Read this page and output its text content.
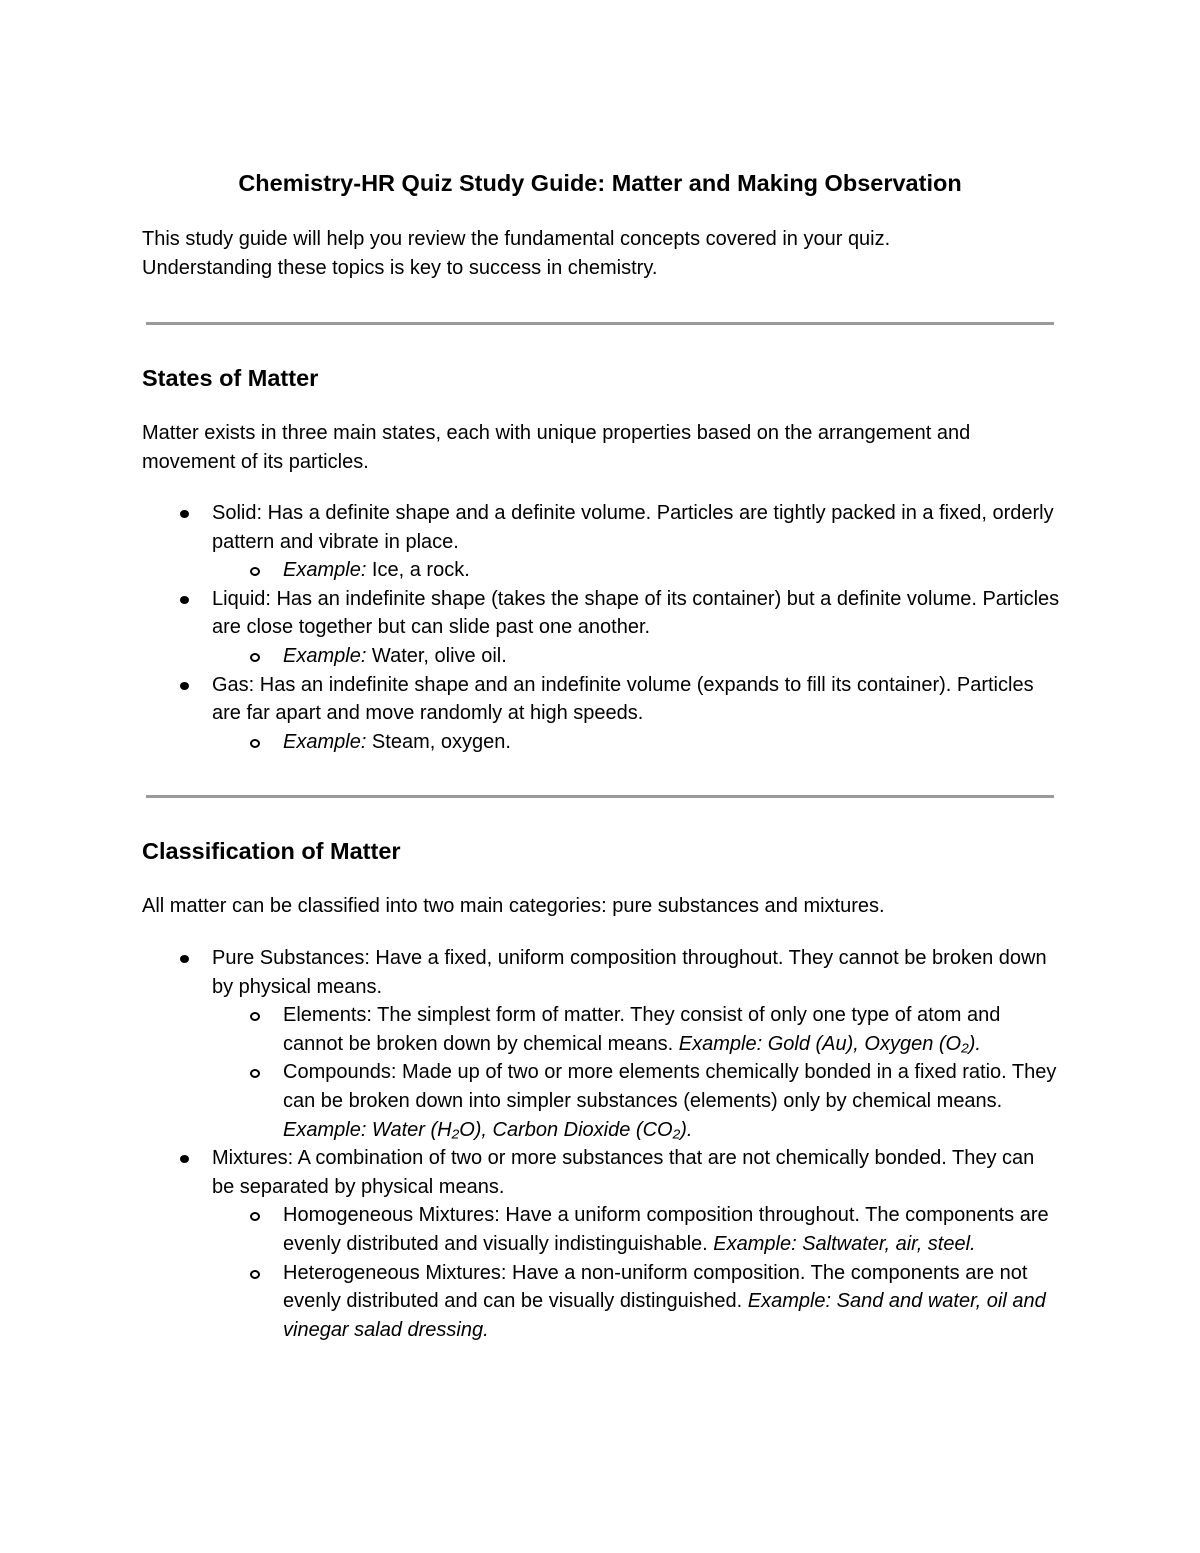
Chemistry-HR Quiz Study Guide: Matter and Making Observation

This study guide will help you review the fundamental concepts covered in your quiz.

Understanding these topics is key to success in chemistry.

States of Matter

Matter exists in three main states, each with unique properties based on the arrangement and movement of its particles.

Solid: Has a definite shape and a definite volume. Particles are tightly packed in a fixed, orderly pattern and vibrate in place.
Example: Ice, a rock.
Liquid: Has an indefinite shape (takes the shape of its container) but a definite volume. Particles are close together but can slide past one another.
Example: Water, olive oil.
Gas: Has an indefinite shape and an indefinite volume (expands to fill its container). Particles are far apart and move randomly at high speeds.
Example: Steam, oxygen.
Classification of Matter

All matter can be classified into two main categories: pure substances and mixtures.

Pure Substances: Have a fixed, uniform composition throughout. They cannot be broken down by physical means.
Elements: The simplest form of matter. They consist of only one type of atom and cannot be broken down by chemical means. Example: Gold (Au), Oxygen (O₂).
Compounds: Made up of two or more elements chemically bonded in a fixed ratio. They can be broken down into simpler substances (elements) only by chemical means. Example: Water (H₂O), Carbon Dioxide (CO₂).
Mixtures: A combination of two or more substances that are not chemically bonded. They can be separated by physical means.
Homogeneous Mixtures: Have a uniform composition throughout. The components are evenly distributed and visually indistinguishable. Example: Saltwater, air, steel.
Heterogeneous Mixtures: Have a non-uniform composition. The components are not evenly distributed and can be visually distinguished. Example: Sand and water, oil and vinegar salad dressing.
